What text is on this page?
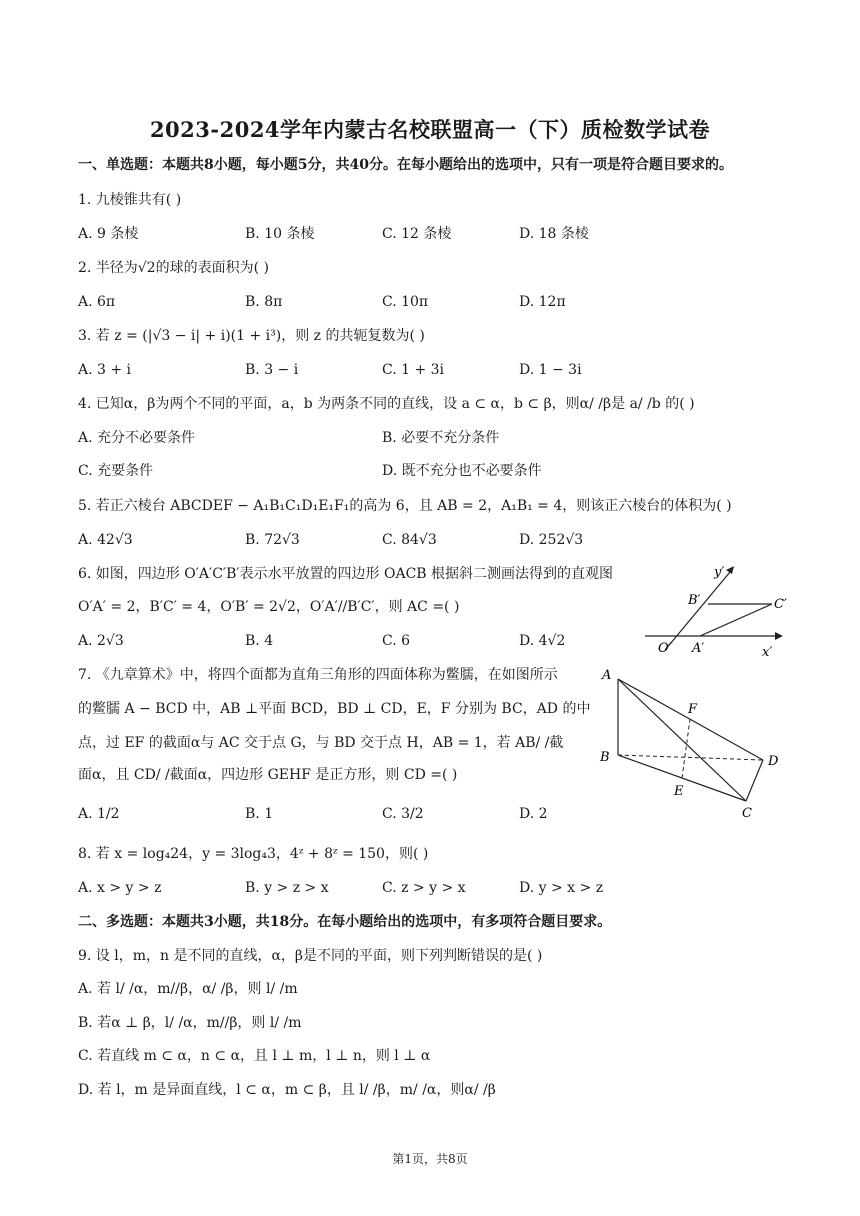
2023-2024学年内蒙古名校联盟高一（下）质检数学试卷
一、单选题：本题共8小题，每小题5分，共40分。在每小题给出的选项中，只有一项是符合题目要求的。
1. 九棱锥共有( )
A. 9 条棱	B. 10 条棱	C. 12 条棱	D. 18 条棱
2. 半径为√2的球的表面积为( )
A. 6π	B. 8π	C. 10π	D. 12π
3. 若 z = (|√3 − i| + i)(1 + i³)，则 z 的共轭复数为( )
A. 3 + i	B. 3 − i	C. 1 + 3i	D. 1 − 3i
4. 已知α，β为两个不同的平面，a，b 为两条不同的直线，设 a ⊂ α，b ⊂ β，则α/ /β是 a/ /b 的( )
A. 充分不必要条件	B. 必要不充分条件
C. 充要条件	D. 既不充分也不必要条件
5. 若正六棱台 ABCDEF − A₁B₁C₁D₁E₁F₁的高为 6，且 AB = 2，A₁B₁ = 4，则该正六棱台的体积为( )
A. 42√3	B. 72√3	C. 84√3	D. 252√3
6. 如图，四边形 O′A′C′B′表示水平放置的四边形 OACB 根据斜二测画法得到的直观图
O′A′ = 2，B′C′ = 4，O′B′ = 2√2，O′A′//B′C′，则 AC =( )
A. 2√3	B. 4	C. 6	D. 4√2
y′
x′
O′ A′
B′	C′
7. 《九章算术》中，将四个面都为直角三角形的四面体称为鳖臑，在如图所示
的鳖臑 A − BCD 中，AB ⊥平面 BCD，BD ⊥ CD，E，F 分别为 BC，AD 的中
点，过 EF 的截面α与 AC 交于点 G，与 BD 交于点 H，AB = 1，若 AB/ /截
面α，且 CD/ /截面α，四边形 GEHF 是正方形，则 CD =( )
A. 1/2	B. 1	C. 3/2	D. 2
A
B
C
D
E
F
8. 若 x = log₄24，y = 3log₄3，4ᶻ + 8ᶻ = 150，则( )
A. x > y > z	B. y > z > x	C. z > y > x	D. y > x > z
二、多选题：本题共3小题，共18分。在每小题给出的选项中，有多项符合题目要求。
9. 设 l，m，n 是不同的直线，α，β是不同的平面，则下列判断错误的是( )
A. 若 l/ /α，m//β，α/ /β，则 l/ /m
B. 若α ⊥ β，l/ /α，m//β，则 l/ /m
C. 若直线 m ⊂ α，n ⊂ α，且 l ⊥ m，l ⊥ n，则 l ⊥ α
D. 若 l，m 是异面直线，l ⊂ α，m ⊂ β，且 l/ /β，m/ /α，则α/ /β
第1页，共8页
